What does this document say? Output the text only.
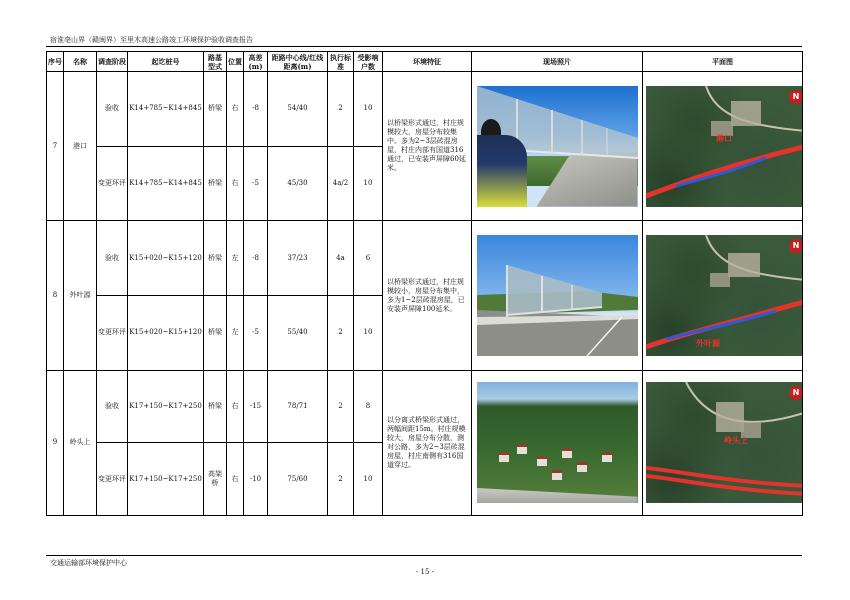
宿淮亳山界（赣闽界）至里木高速公路竣工环境保护验收调查报告
序号	名称	调查阶段	起讫桩号	路基型式	位置	高差(m)	距路中心线/红线距离(m)	执行标准	受影响户数	环境特征	现场照片	平面图
7	港口	验收	K14+785~K14+845	桥梁	右	-8	54/40	2	10	以桥梁形式通过，村庄规模较大，房屋分布较集中。多为2~3层砖混房屋，村庄内部有国道316通过，已安装声屏障60延米。		N
港口

		变更环评	K14+785~K14+845	桥梁	右	-5	45/30	4a/2	10			
8	外叶源	验收	K15+020~K15+120	桥梁	左	-8	37/23	4a	6	以桥梁形式通过，村庄规模较小，房屋分布集中，多为1~2层砖混房屋，已安装声屏障100延米。		N
外叶源

		变更环评	K15+020~K15+120	桥梁	左	-5	55/40	2	10			
9	岭头上	验收	K17+150~K17+250	桥梁	右	-15	78/71	2	8	以分离式桥梁形式通过，两幅间距15m。村庄规模较大，房屋分布分散，测对公路，多为2~3层砖混房屋，村庄南侧有316国道穿过。		N
岭头上

		变更环评	K17+150~K17+250	高架桥	右	-10	75/60	2	10			
交通运输部环境保护中心
- 15 -
